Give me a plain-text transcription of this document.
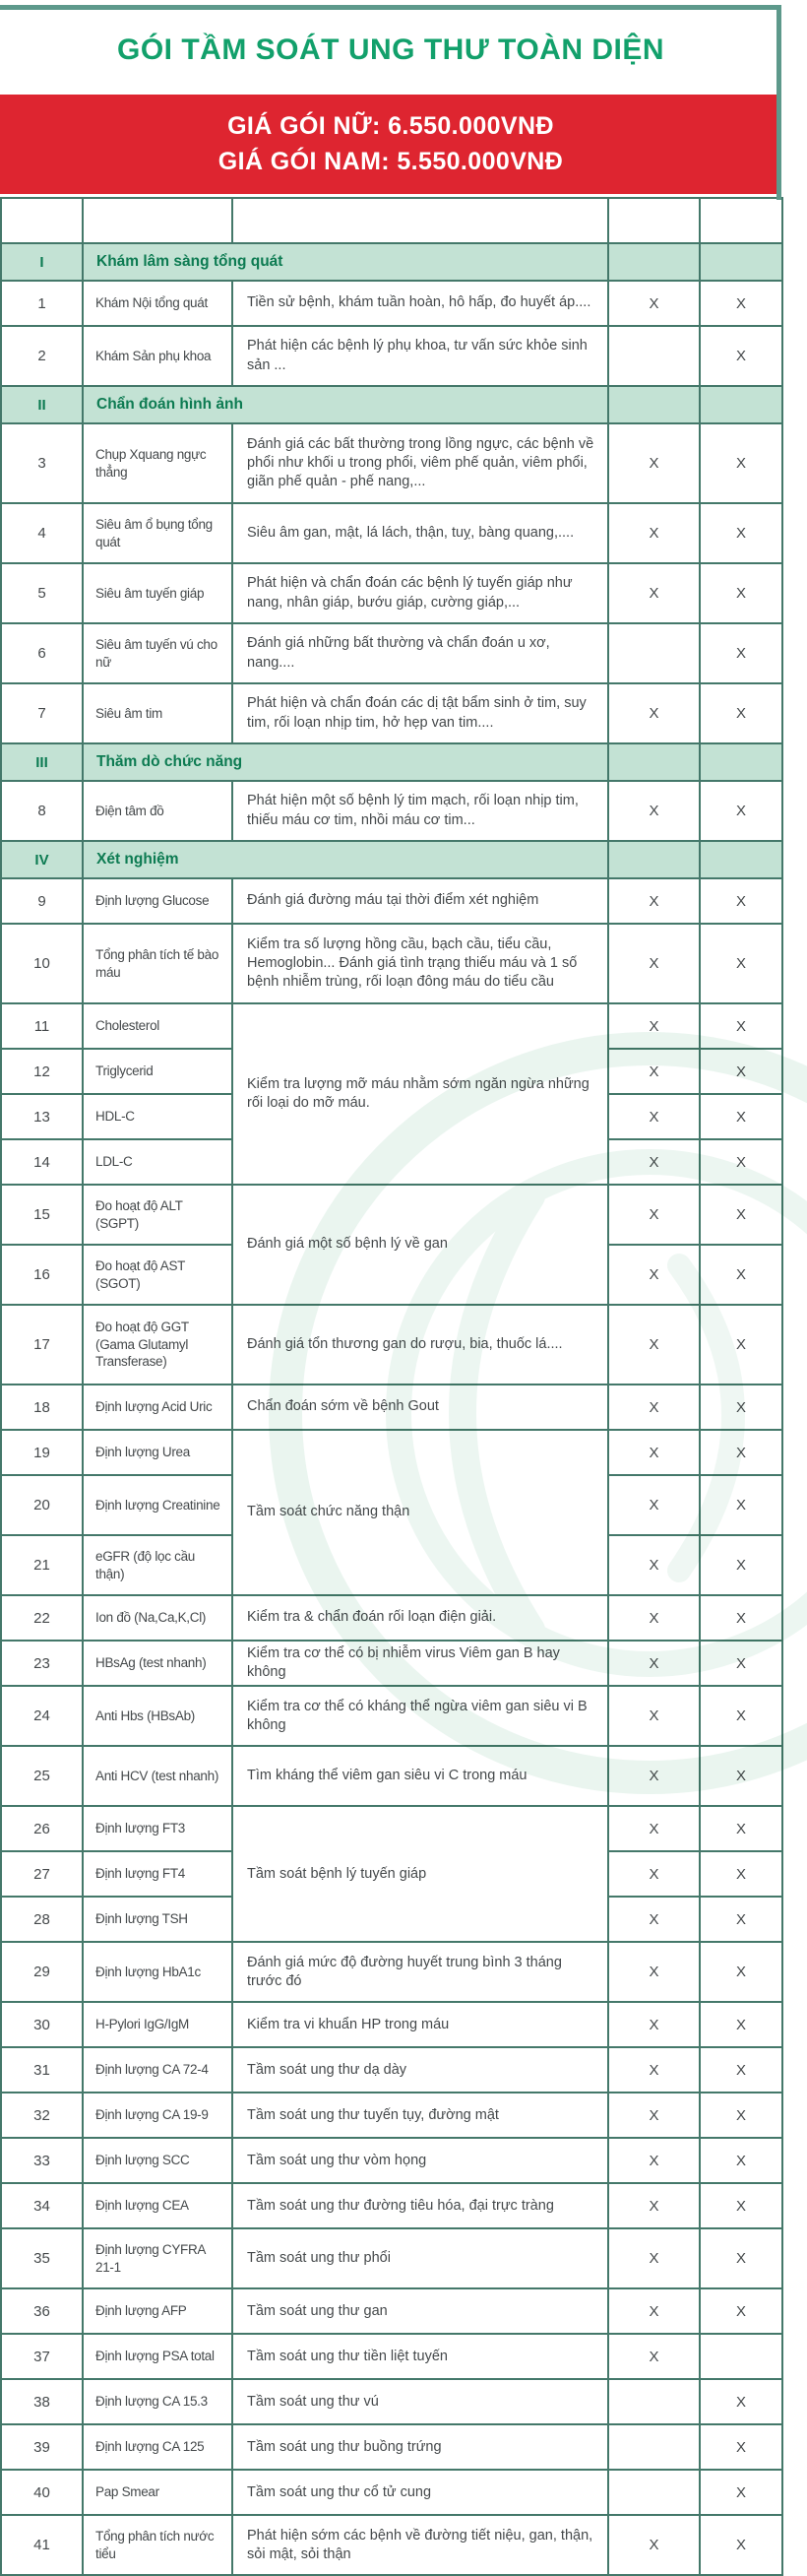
GÓI TẦM SOÁT UNG THƯ TOÀN DIỆN
GIÁ GÓI NỮ: 6.550.000VNĐ
GIÁ GÓI NAM: 5.550.000VNĐ
STT	DANH MỤC	Ý NGHĨA	NAM	NỮ
I	Khám lâm sàng tổng quát			
1	Khám Nội tổng quát	Tiền sử bệnh, khám tuần hoàn, hô hấp, đo huyết áp....	X	X
2	Khám Sản phụ khoa	Phát hiện các bệnh lý phụ khoa, tư vấn sức khỏe sinh sản ...		X
II	Chẩn đoán hình ảnh			
3	Chụp Xquang ngực thẳng	Đánh giá các bất thường trong lồng ngực, các bệnh về phổi như khối u trong phổi, viêm phế quản, viêm phổi, giãn phế quản - phế nang,...	X	X
4	Siêu âm ổ bụng tổng quát	Siêu âm gan, mật, lá lách, thận, tuỵ, bàng quang,....	X	X
5	Siêu âm tuyến giáp	Phát hiện và chẩn đoán các bệnh lý tuyến giáp như nang, nhân giáp, bướu giáp, cường giáp,...	X	X
6	Siêu âm tuyến vú cho nữ	Đánh giá những bất thường và chẩn đoán u xơ, nang....		X
7	Siêu âm tim	Phát hiện và chẩn đoán các dị tật bẩm sinh ở tim, suy tim, rối loạn nhịp tim, hở hẹp van tim....	X	X
III	Thăm dò chức năng			
8	Điện tâm đồ	Phát hiện một số bệnh lý tim mạch, rối loạn nhịp tim, thiếu máu cơ tim, nhồi máu cơ tim...	X	X
IV	Xét nghiệm			
9	Định lượng Glucose	Đánh giá đường máu tại thời điểm xét nghiệm	X	X
10	Tổng phân tích tế bào máu	Kiểm tra số lượng hồng cầu, bạch cầu, tiểu cầu, Hemoglobin... Đánh giá tình trạng thiếu máu và 1 số bệnh nhiễm trùng, rối loạn đông máu do tiểu cầu	X	X
11	Cholesterol	Kiểm tra lượng mỡ máu nhằm sớm ngăn ngừa những rối loại do mỡ máu.	X	X
12	Triglycerid		X	X
13	HDL-C		X	X
14	LDL-C		X	X
15	Đo hoạt độ ALT (SGPT)	Đánh giá một số bệnh lý về gan	X	X
16	Đo hoạt độ AST (SGOT)		X	X
17	Đo hoạt độ GGT (Gama Glutamyl Transferase)	Đánh giá tổn thương gan do rượu, bia, thuốc lá....	X	X
18	Định lượng Acid Uric	Chẩn đoán sớm về bệnh Gout	X	X
19	Định lượng Urea	Tầm soát chức năng thận	X	X
20	Định lượng Creatinine		X	X
21	eGFR (độ lọc cầu thận)		X	X
22	Ion đồ (Na,Ca,K,Cl)	Kiểm tra & chẩn đoán rối loạn điện giải.	X	X
23	HBsAg (test nhanh)	Kiểm tra cơ thể có bị nhiễm virus Viêm gan B hay không	X	X
24	Anti Hbs (HBsAb)	Kiểm tra cơ thể có kháng thể ngừa viêm gan siêu vi B không	X	X
25	Anti HCV (test nhanh)	Tìm kháng thể viêm gan siêu vi C trong máu	X	X
26	Định lượng FT3	Tầm soát bệnh lý tuyến giáp	X	X
27	Định lượng FT4		X	X
28	Định lượng TSH		X	X
29	Định lượng HbA1c	Đánh giá mức độ đường huyết trung bình 3 tháng trước đó	X	X
30	H-Pylori IgG/IgM	Kiểm tra vi khuẩn HP trong máu	X	X
31	Định lượng CA 72-4	Tầm soát ung thư dạ dày	X	X
32	Định lượng CA 19-9	Tầm soát ung thư tuyến tụy, đường mật	X	X
33	Định lượng SCC	Tầm soát ung thư vòm họng	X	X
34	Định lượng CEA	Tầm soát ung thư đường tiêu hóa, đại trực tràng	X	X
35	Định lượng CYFRA 21-1	Tầm soát ung thư phổi	X	X
36	Định lượng AFP	Tầm soát ung thư gan	X	X
37	Định lượng PSA total	Tầm soát ung thư tiền liệt tuyến	X	
38	Định lượng CA 15.3	Tầm soát ung thư vú		X
39	Định lượng CA 125	Tầm soát ung thư buồng trứng		X
40	Pap Smear	Tầm soát ung thư cổ tử cung		X
41	Tổng phân tích nước tiểu	Phát hiện sớm các bệnh về đường tiết niệu, gan, thận, sỏi mật, sỏi thận	X	X
